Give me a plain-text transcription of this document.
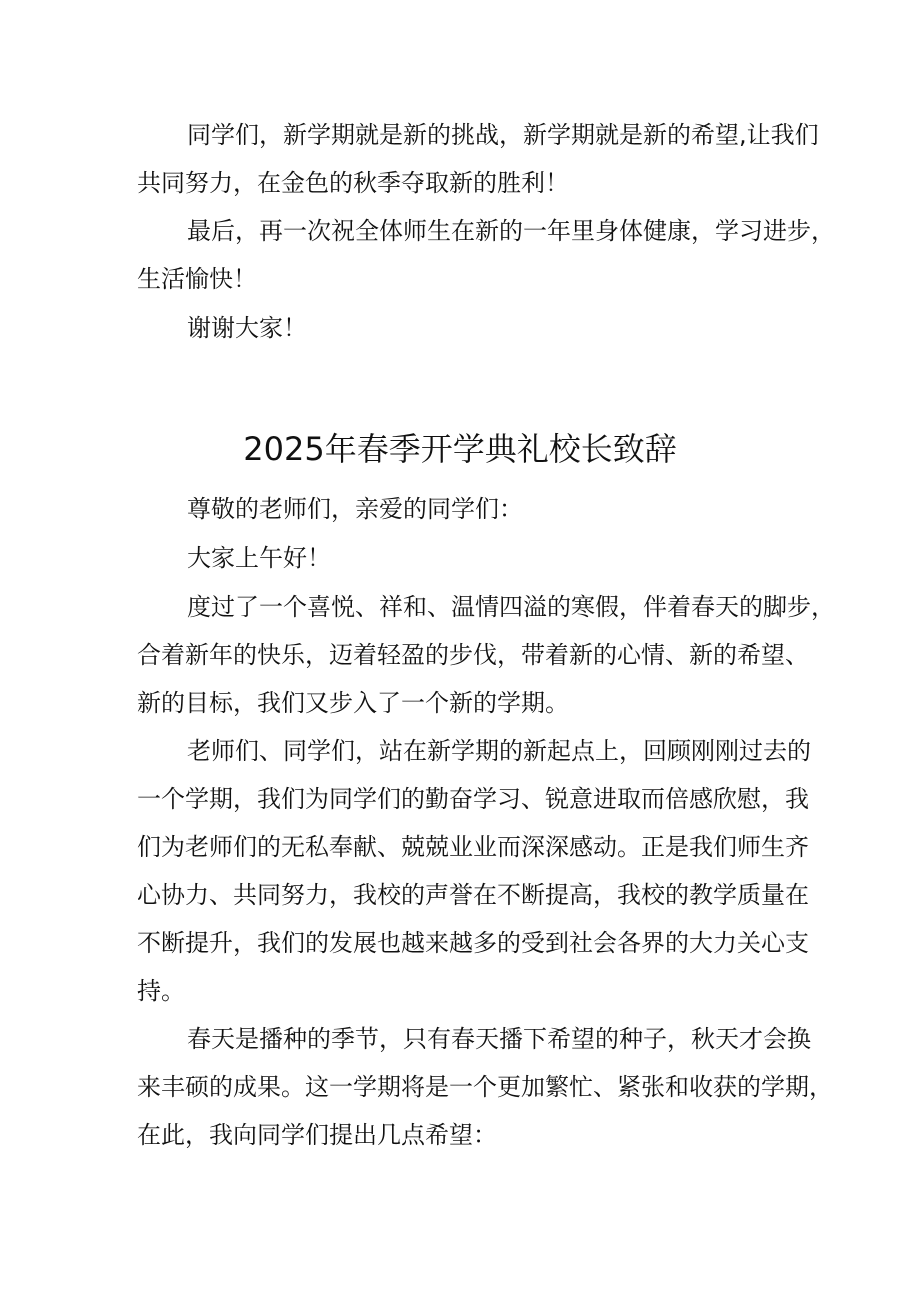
同学们，新学期就是新的挑战，新学期就是新的希望,让我们

共同努力，在金色的秋季夺取新的胜利！

最后，再一次祝全体师生在新的一年里身体健康，学习进步，

生活愉快！

谢谢大家！

2025年春季开学典礼校长致辞

尊敬的老师们，亲爱的同学们：

大家上午好！

度过了一个喜悦、祥和、温情四溢的寒假，伴着春天的脚步，

合着新年的快乐，迈着轻盈的步伐，带着新的心情、新的希望、

新的目标，我们又步入了一个新的学期。

老师们、同学们，站在新学期的新起点上，回顾刚刚过去的

一个学期，我们为同学们的勤奋学习、锐意进取而倍感欣慰，我

们为老师们的无私奉献、兢兢业业而深深感动。正是我们师生齐

心协力、共同努力，我校的声誉在不断提高，我校的教学质量在

不断提升，我们的发展也越来越多的受到社会各界的大力关心支

持。

春天是播种的季节，只有春天播下希望的种子，秋天才会换

来丰硕的成果。这一学期将是一个更加繁忙、紧张和收获的学期，

在此，我向同学们提出几点希望：
